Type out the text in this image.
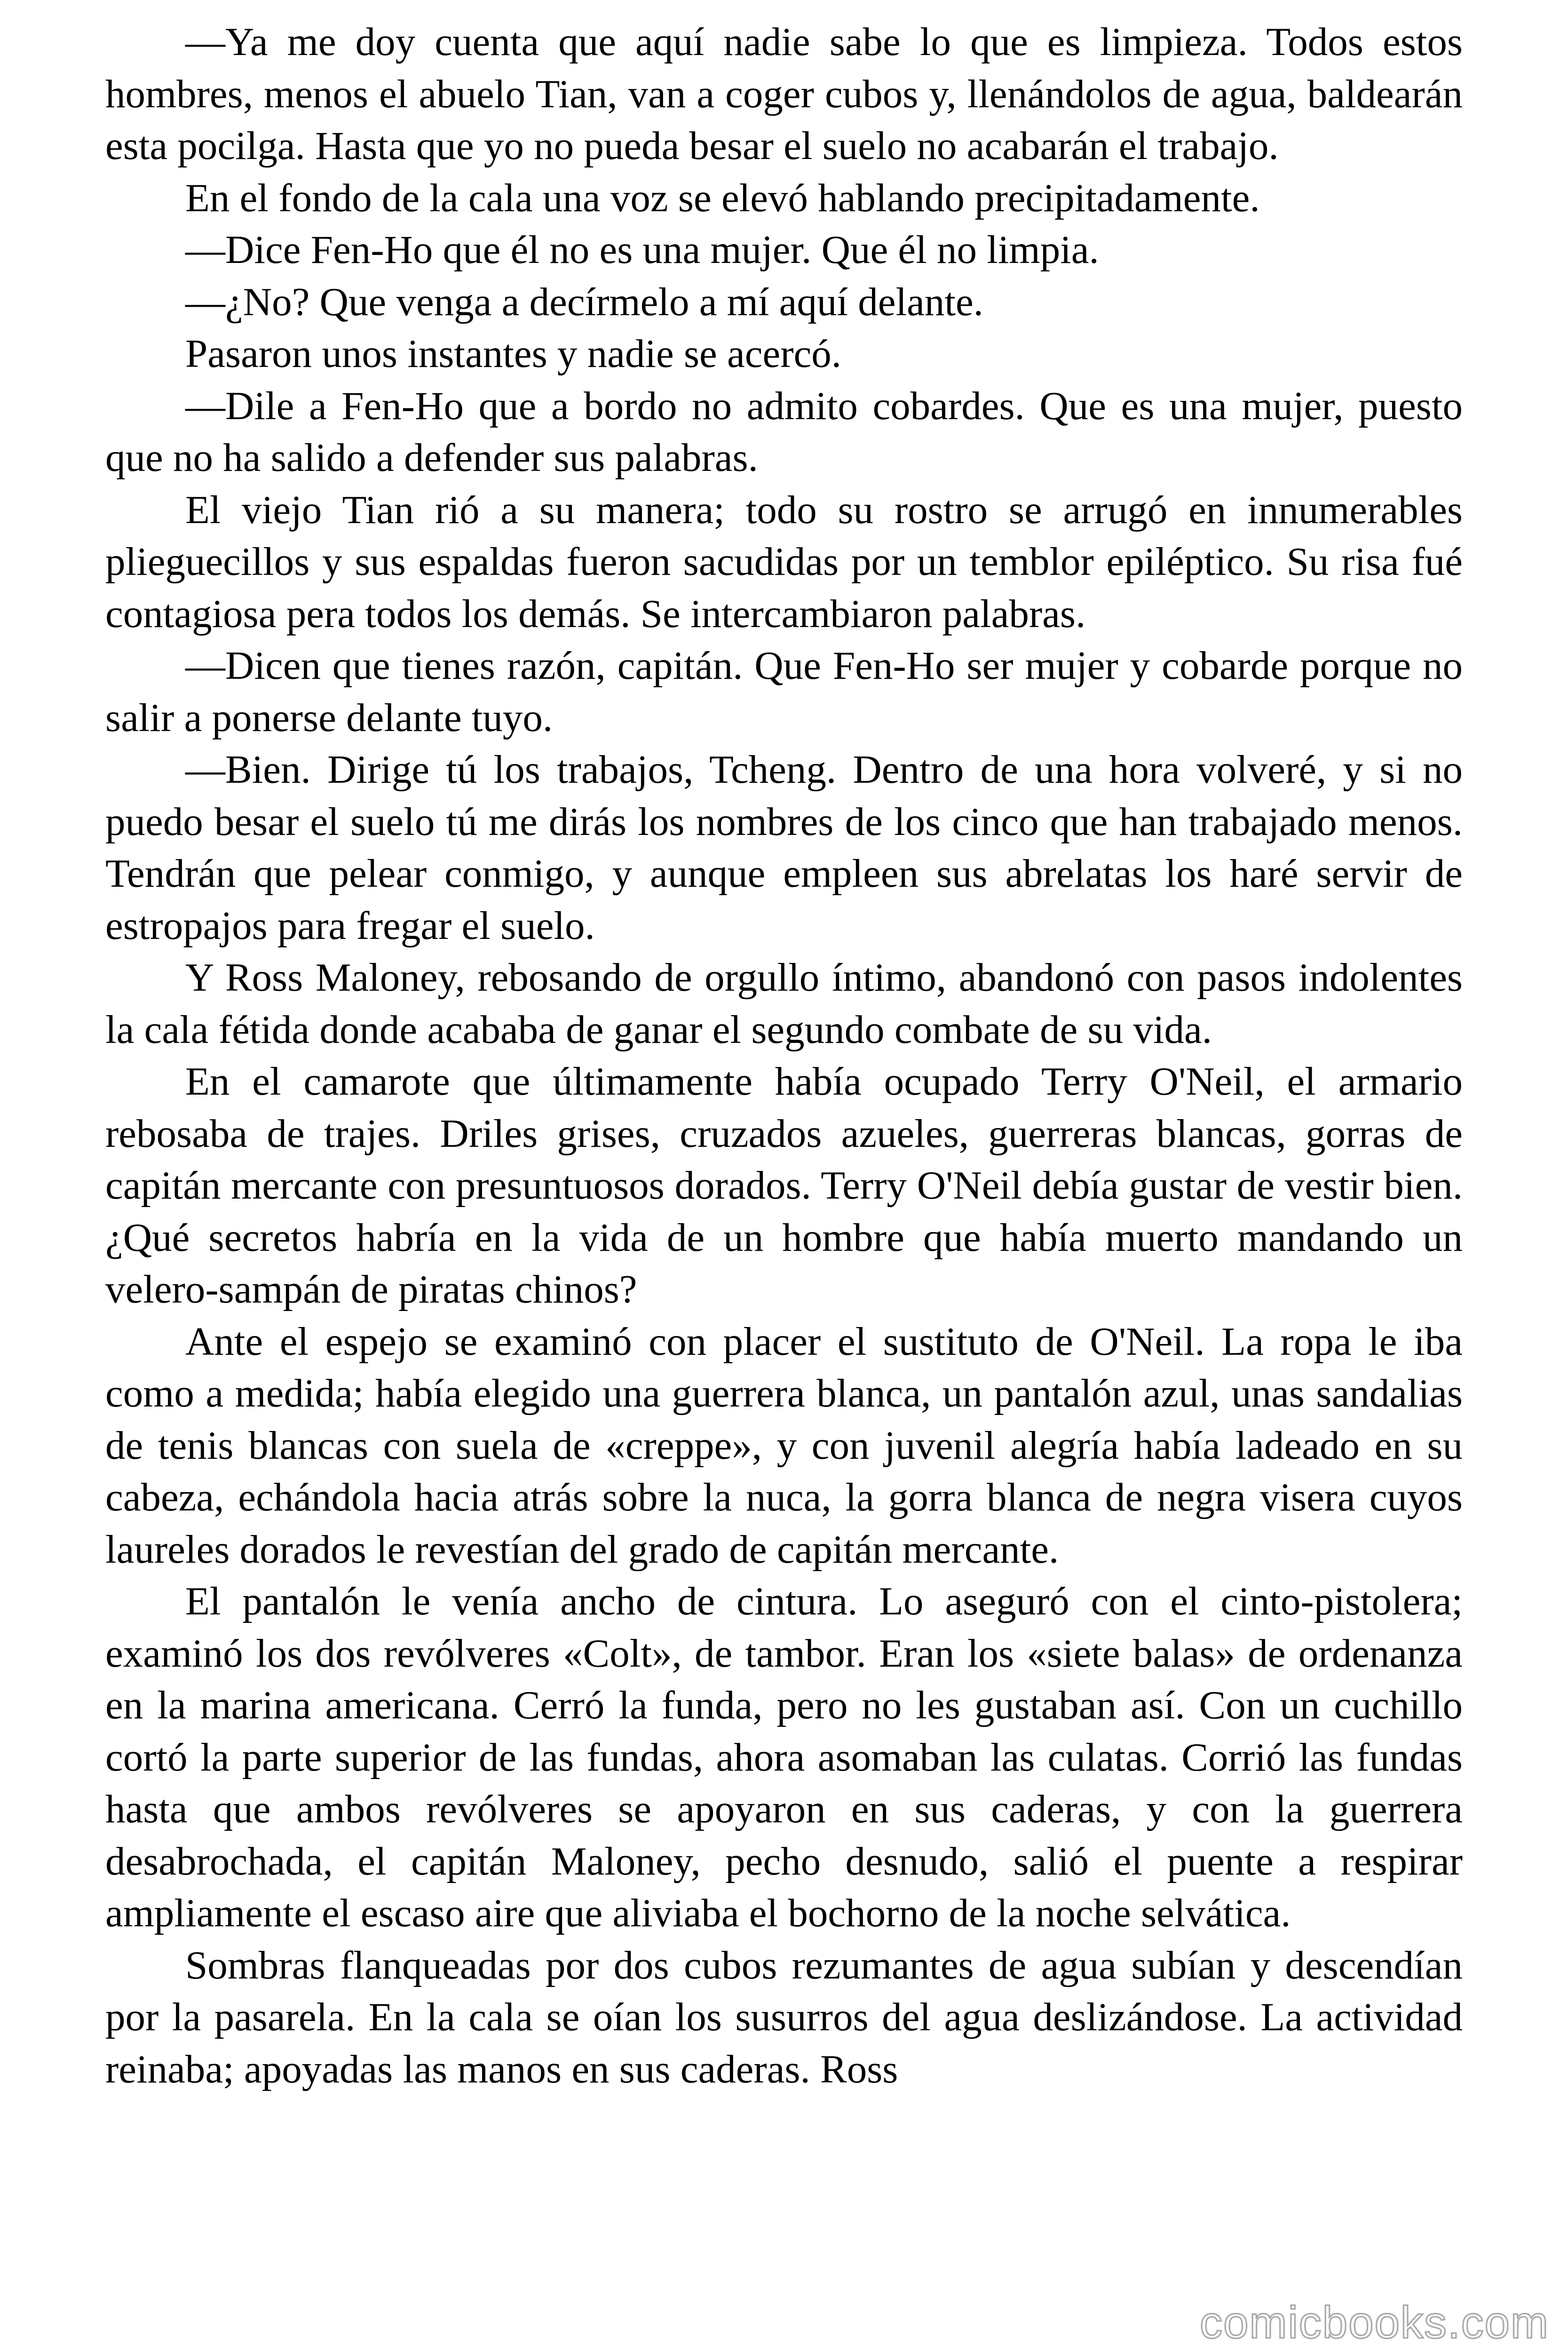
—Ya me doy cuenta que aquí nadie sabe lo que es limpieza. Todos estos hombres, menos el abuelo Tian, van a coger cubos y, llenándolos de agua, baldearán esta pocilga. Hasta que yo no pueda besar el suelo no acabarán el trabajo.

En el fondo de la cala una voz se elevó hablando precipitadamente.

—Dice Fen-Ho que él no es una mujer. Que él no limpia.

—¿No? Que venga a decírmelo a mí aquí delante.

Pasaron unos instantes y nadie se acercó.

—Dile a Fen-Ho que a bordo no admito cobardes. Que es una mujer, puesto que no ha salido a defender sus palabras.

El viejo Tian rió a su manera; todo su rostro se arrugó en innumerables plieguecillos y sus espaldas fueron sacudidas por un temblor epiléptico. Su risa fué contagiosa pera todos los demás. Se intercambiaron palabras.

—Dicen que tienes razón, capitán. Que Fen-Ho ser mujer y cobarde porque no salir a ponerse delante tuyo.

—Bien. Dirige tú los trabajos, Tcheng. Dentro de una hora volveré, y si no puedo besar el suelo tú me dirás los nombres de los cinco que han trabajado menos. Tendrán que pelear conmigo, y aunque empleen sus abrelatas los haré servir de estropajos para fregar el suelo.

Y Ross Maloney, rebosando de orgullo íntimo, abandonó con pasos indolentes la cala fétida donde acababa de ganar el segundo combate de su vida.

En el camarote que últimamente había ocupado Terry O'Neil, el armario rebosaba de trajes. Driles grises, cruzados azueles, guerreras blancas, gorras de capitán mercante con presuntuosos dorados. Terry O'Neil debía gustar de vestir bien. ¿Qué secretos habría en la vida de un hombre que había muerto mandando un velero-sampán de piratas chinos?

Ante el espejo se examinó con placer el sustituto de O'Neil. La ropa le iba como a medida; había elegido una guerrera blanca, un pantalón azul, unas sandalias de tenis blancas con suela de «creppe», y con juvenil alegría había ladeado en su cabeza, echándola hacia atrás sobre la nuca, la gorra blanca de negra visera cuyos laureles dorados le revestían del grado de capitán mercante.

El pantalón le venía ancho de cintura. Lo aseguró con el cinto-pistolera; examinó los dos revólveres «Colt», de tambor. Eran los «siete balas» de ordenanza en la marina americana. Cerró la funda, pero no les gustaban así. Con un cuchillo cortó la parte superior de las fundas, ahora asomaban las culatas. Corrió las fundas hasta que ambos revólveres se apoyaron en sus caderas, y con la guerrera desabrochada, el capitán Maloney, pecho desnudo, salió el puente a respirar ampliamente el escaso aire que aliviaba el bochorno de la noche selvática.

Sombras flanqueadas por dos cubos rezumantes de agua subían y descendían por la pasarela. En la cala se oían los susurros del agua deslizándose. La actividad reinaba; apoyadas las manos en sus caderas. Ross

comicbooks.com
